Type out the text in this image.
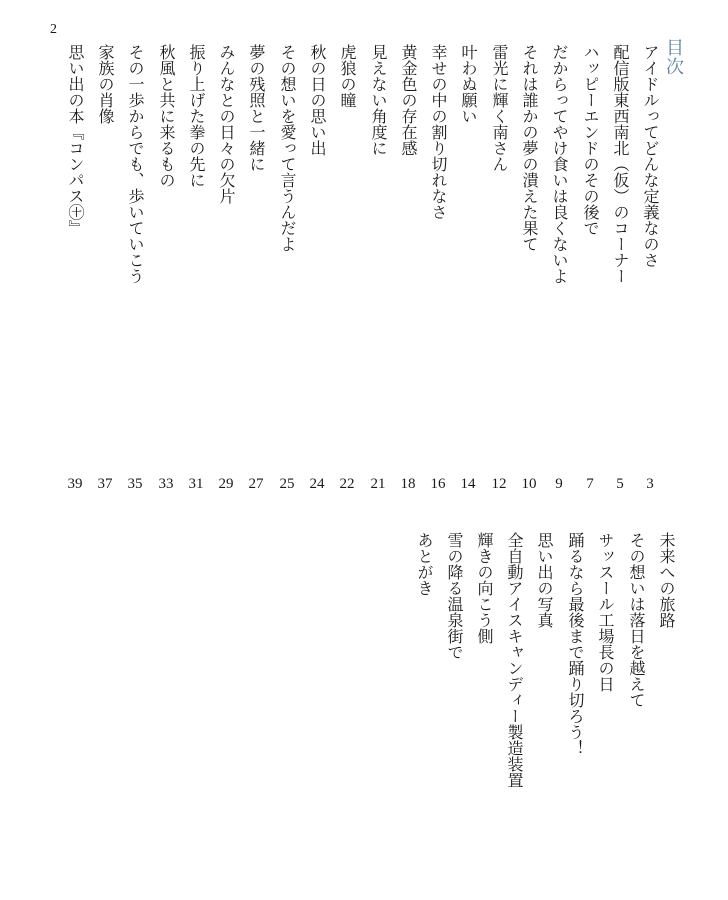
2
目次
アイドルってどんな定義なのさ
3
配信版東西南北（仮）のコーナー
5
ハッピーエンドのその後で
7
だからってやけ食いは良くないよ
9
それは誰かの夢の潰えた果て
10
雷光に輝く南さん
12
叶わぬ願い
14
幸せの中の割り切れなさ
16
黄金色の存在感
18
見えない角度に
21
虎狼の瞳
22
秋の日の思い出
24
その想いを愛って言うんだよ
25
夢の残照と一緒に
27
みんなとの日々の欠片
29
振り上げた拳の先に
31
秋風と共に来るもの
33
その一歩からでも、歩いていこう
35
家族の肖像
37
思い出の本『コンパス㊉』
39
未来への旅路
その想いは落日を越えて
サッスール工場長の日
踊るなら最後まで踊り切ろう！
思い出の写真
全自動アイスキャンディー製造装置
輝きの向こう側
雪の降る温泉街で
あとがき
